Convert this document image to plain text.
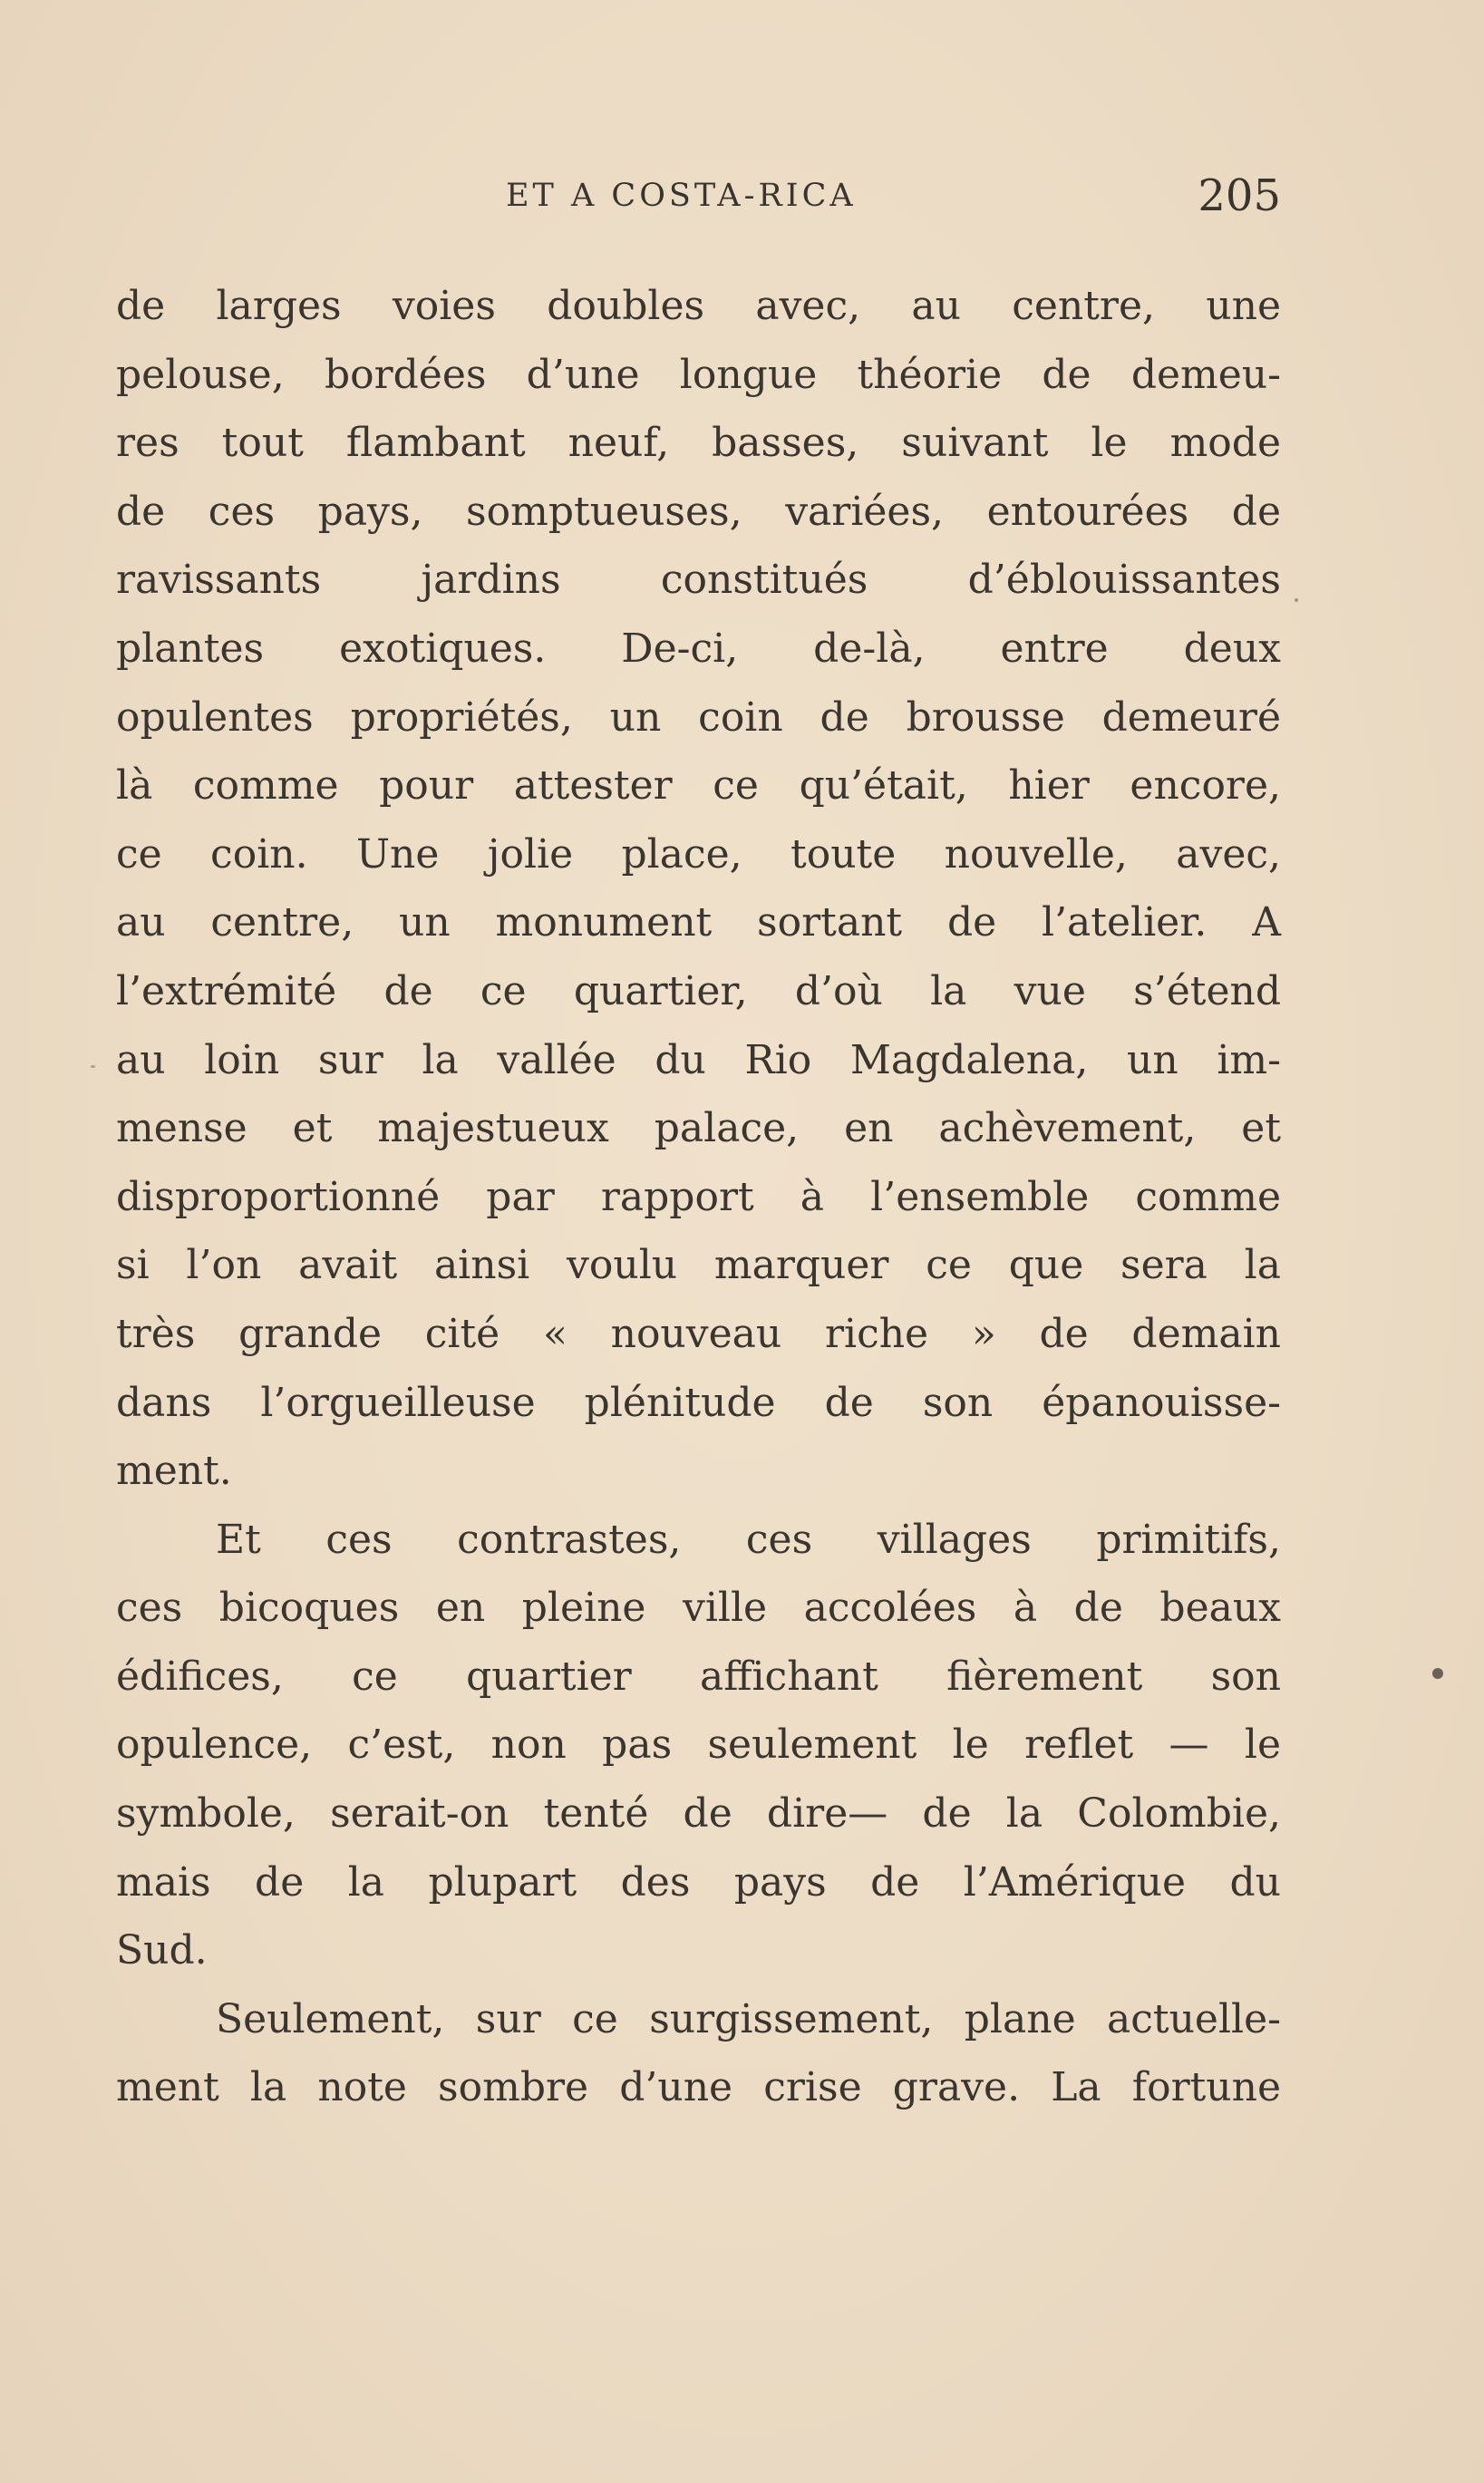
ET A COSTA-RICA	205
de larges voies doubles avec, au centre, une
pelouse, bordées d’une longue théorie de demeu-
res tout flambant neuf, basses, suivant le mode
de ces pays, somptueuses, variées, entourées de
ravissants jardins constitués d’éblouissantes
plantes exotiques. De-ci, de-là, entre deux
opulentes propriétés, un coin de brousse demeuré
là comme pour attester ce qu’était, hier encore,
ce coin. Une jolie place, toute nouvelle, avec,
au centre, un monument sortant de l’atelier. A
l’extrémité de ce quartier, d’où la vue s’étend
au loin sur la vallée du Rio Magdalena, un im-
mense et majestueux palace, en achèvement, et
disproportionné par rapport à l’ensemble comme
si l’on avait ainsi voulu marquer ce que sera la
très grande cité « nouveau riche » de demain
dans l’orgueilleuse plénitude de son épanouisse-
ment.
Et ces contrastes, ces villages primitifs,
ces bicoques en pleine ville accolées à de beaux
édifices, ce quartier affichant fièrement son
opulence, c’est, non pas seulement le reflet — le
symbole, serait-on tenté de dire— de la Colombie,
mais de la plupart des pays de l’Amérique du
Sud.
Seulement, sur ce surgissement, plane actuelle-
ment la note sombre d’une crise grave. La fortune
